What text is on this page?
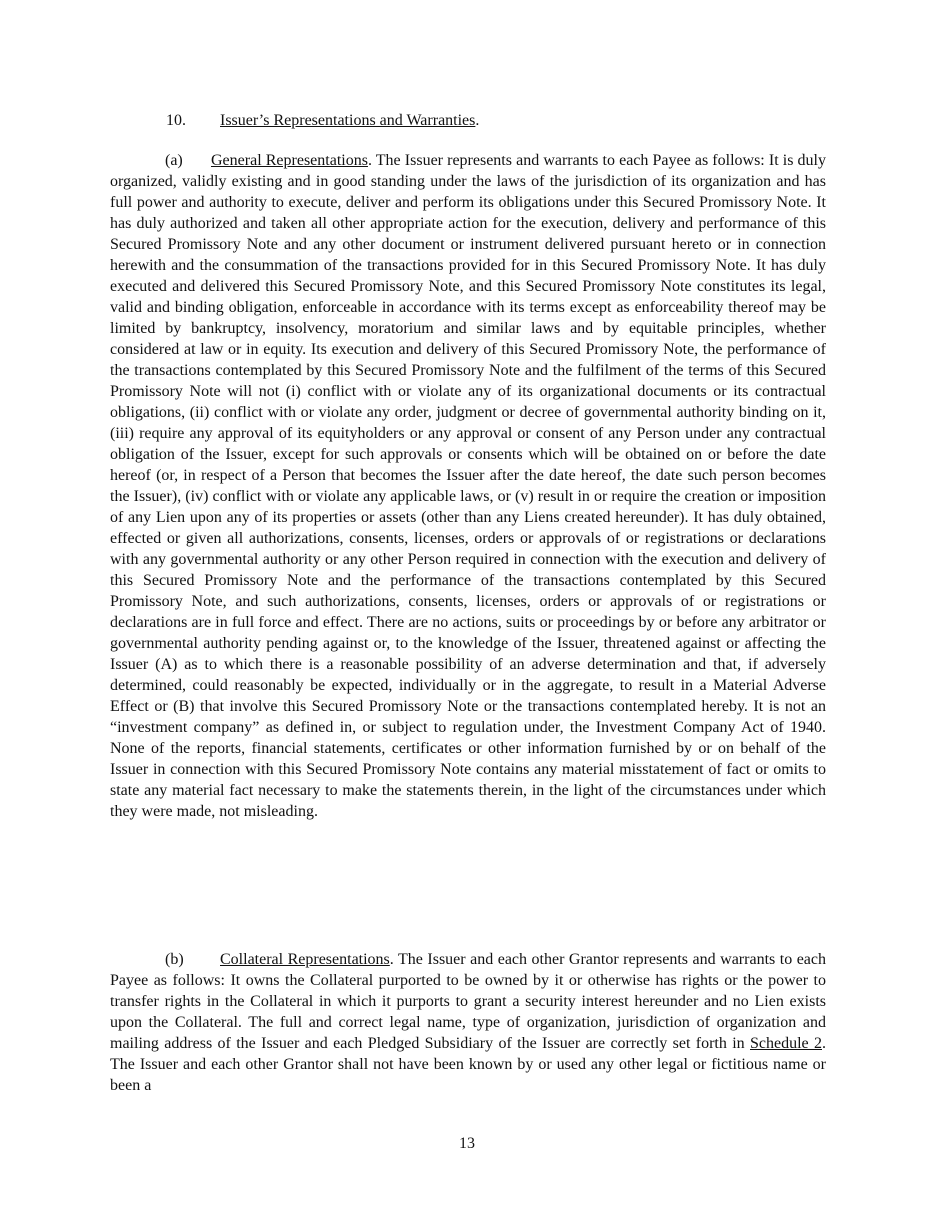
10. Issuer’s Representations and Warranties.

(a) General Representations. The Issuer represents and warrants to each Payee as follows: It is duly organized, validly existing and in good standing under the laws of the jurisdiction of its organization and has full power and authority to execute, deliver and perform its obligations under this Secured Promissory Note. It has duly authorized and taken all other appropriate action for the execution, delivery and performance of this Secured Promissory Note and any other document or instrument delivered pursuant hereto or in connection herewith and the consummation of the transactions provided for in this Secured Promissory Note. It has duly executed and delivered this Secured Promissory Note, and this Secured Promissory Note constitutes its legal, valid and binding obligation, enforceable in accordance with its terms except as enforceability thereof may be limited by bankruptcy, insolvency, moratorium and similar laws and by equitable principles, whether considered at law or in equity. Its execution and delivery of this Secured Promissory Note, the performance of the transactions contemplated by this Secured Promissory Note and the fulfilment of the terms of this Secured Promissory Note will not (i) conflict with or violate any of its organizational documents or its contractual obligations, (ii) conflict with or violate any order, judgment or decree of governmental authority binding on it, (iii) require any approval of its equityholders or any approval or consent of any Person under any contractual obligation of the Issuer, except for such approvals or consents which will be obtained on or before the date hereof (or, in respect of a Person that becomes the Issuer after the date hereof, the date such person becomes the Issuer), (iv) conflict with or violate any applicable laws, or (v) result in or require the creation or imposition of any Lien upon any of its properties or assets (other than any Liens created hereunder). It has duly obtained, effected or given all authorizations, consents, licenses, orders or approvals of or registrations or declarations with any governmental authority or any other Person required in connection with the execution and delivery of this Secured Promissory Note and the performance of the transactions contemplated by this Secured Promissory Note, and such authorizations, consents, licenses, orders or approvals of or registrations or declarations are in full force and effect. There are no actions, suits or proceedings by or before any arbitrator or governmental authority pending against or, to the knowledge of the Issuer, threatened against or affecting the Issuer (A) as to which there is a reasonable possibility of an adverse determination and that, if adversely determined, could reasonably be expected, individually or in the aggregate, to result in a Material Adverse Effect or (B) that involve this Secured Promissory Note or the transactions contemplated hereby. It is not an “investment company” as defined in, or subject to regulation under, the Investment Company Act of 1940. None of the reports, financial statements, certificates or other information furnished by or on behalf of the Issuer in connection with this Secured Promissory Note contains any material misstatement of fact or omits to state any material fact necessary to make the statements therein, in the light of the circumstances under which they were made, not misleading.

(b) Collateral Representations. The Issuer and each other Grantor represents and warrants to each Payee as follows: It owns the Collateral purported to be owned by it or otherwise has rights or the power to transfer rights in the Collateral in which it purports to grant a security interest hereunder and no Lien exists upon the Collateral. The full and correct legal name, type of organization, jurisdiction of organization and mailing address of the Issuer and each Pledged Subsidiary of the Issuer are correctly set forth in Schedule 2. The Issuer and each other Grantor shall not have been known by or used any other legal or fictitious name or been a

13
